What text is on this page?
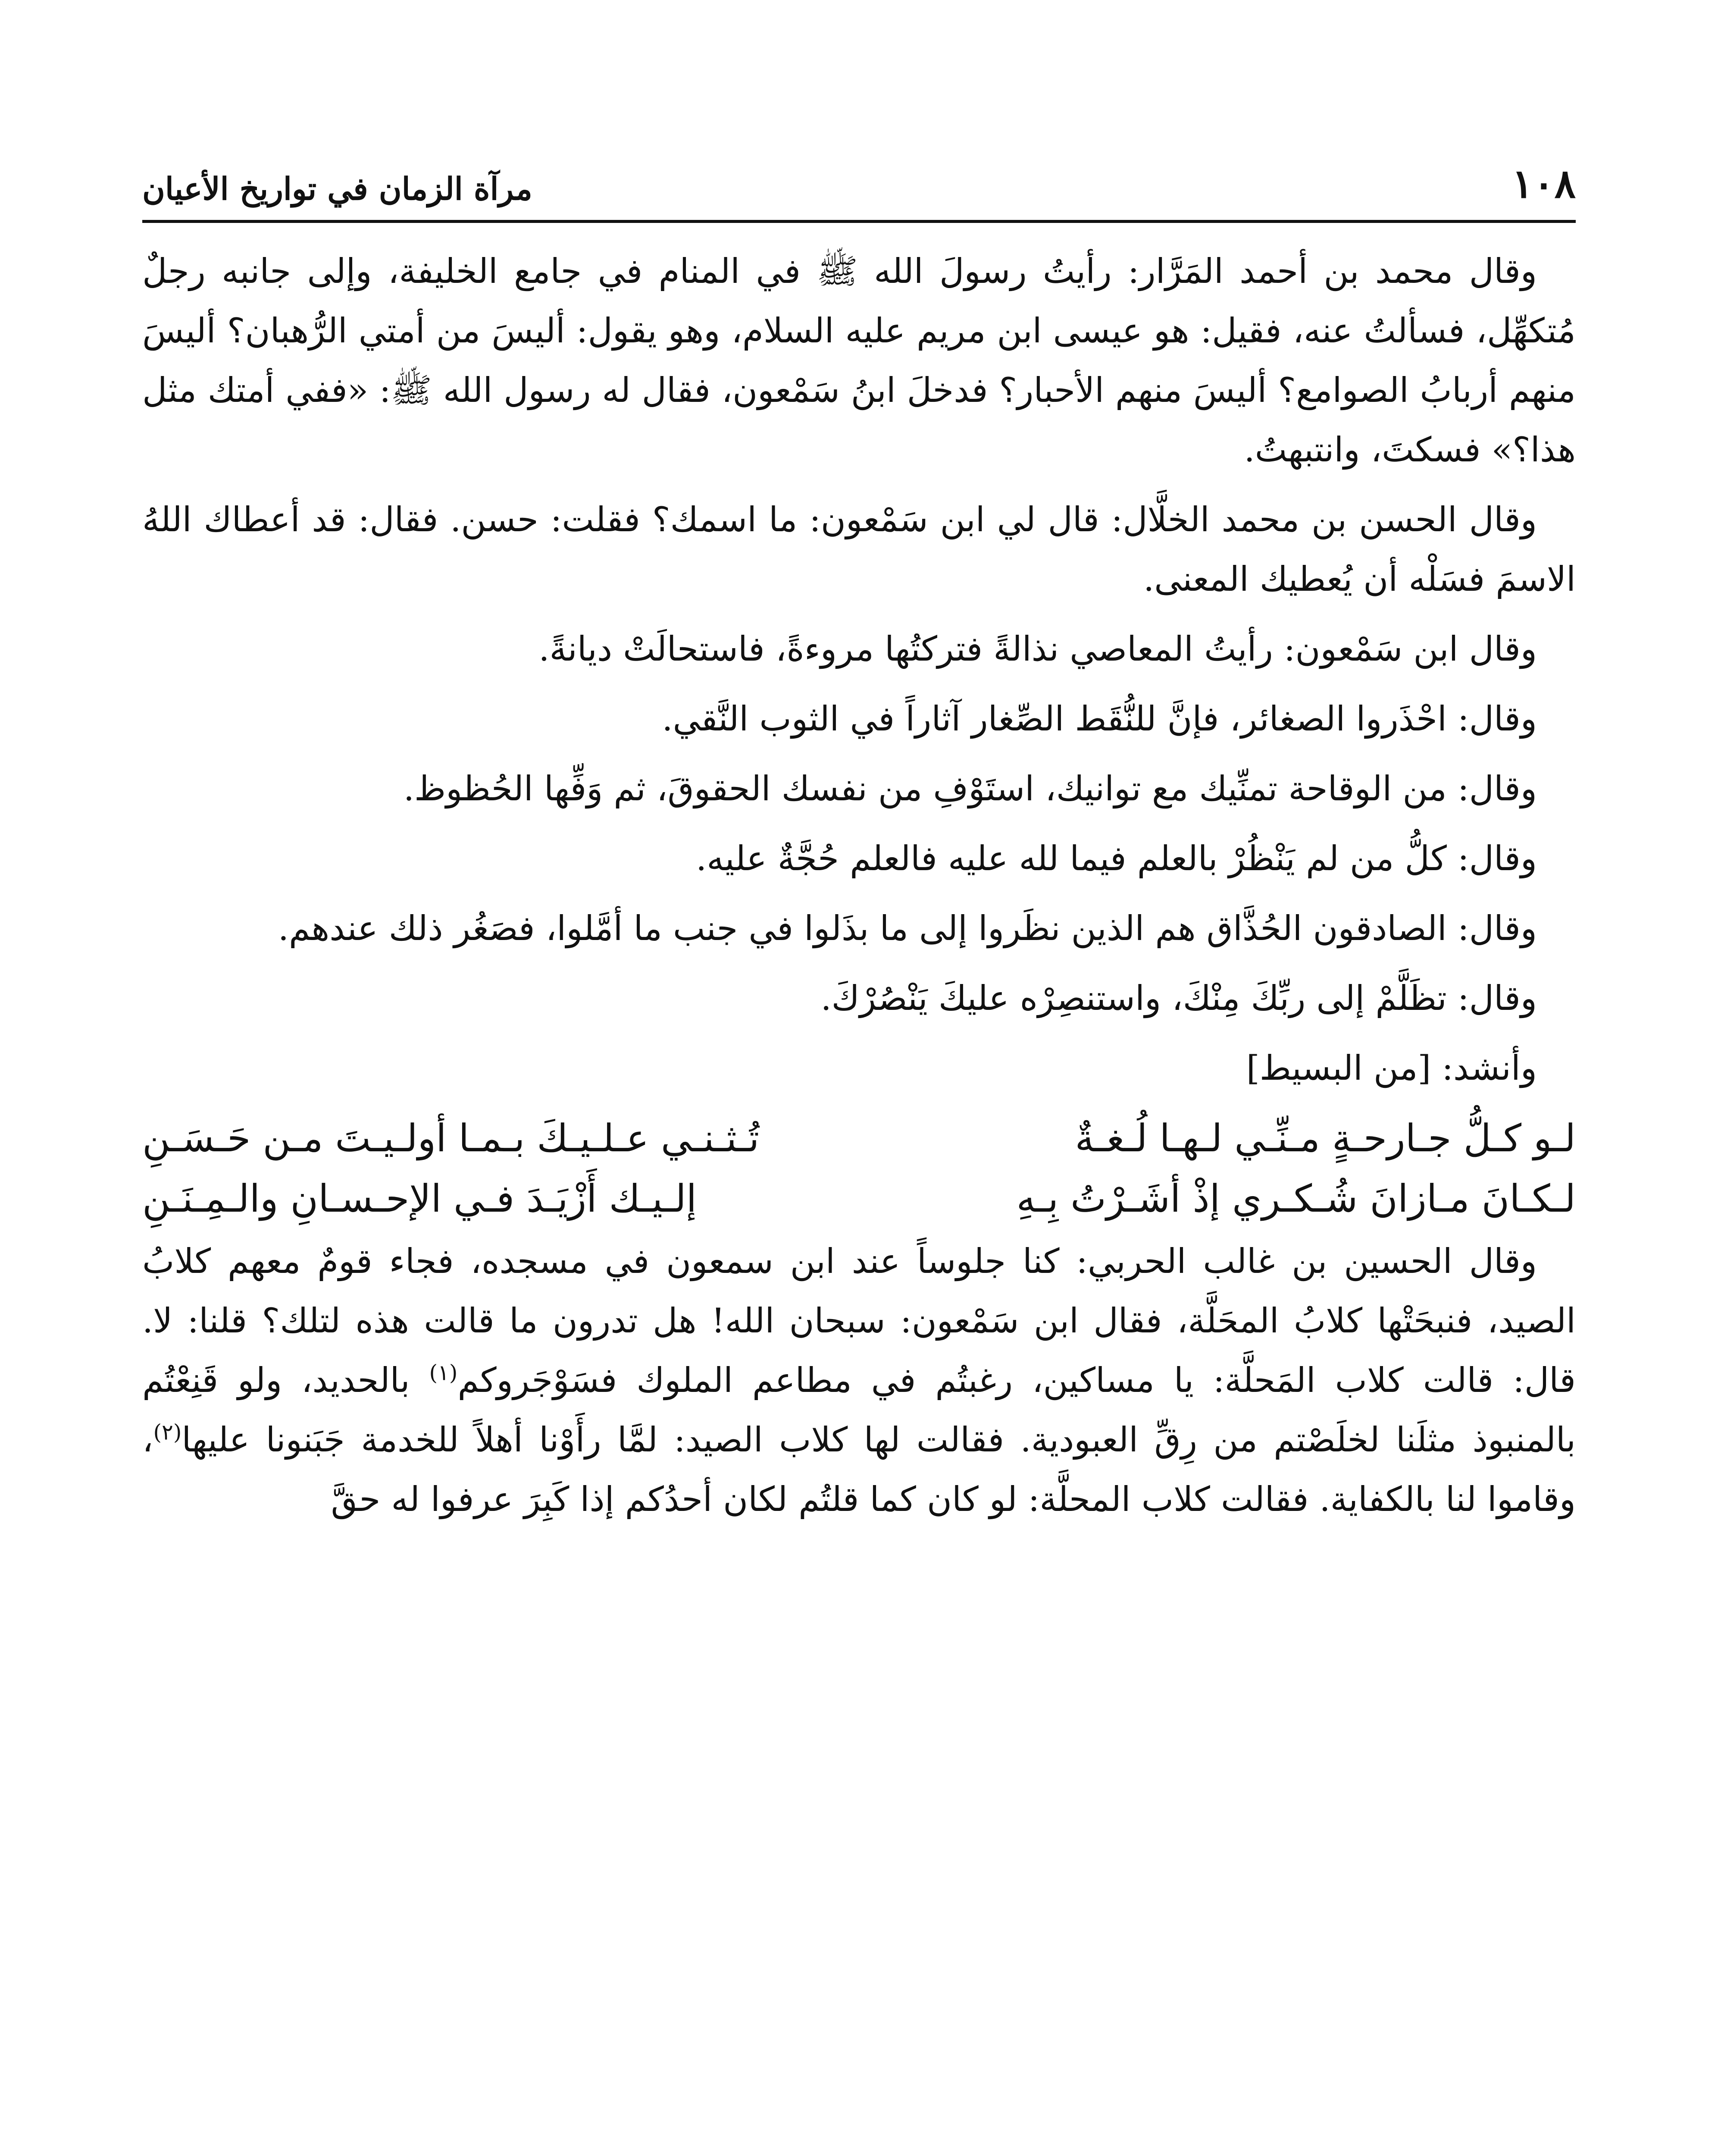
١٠٨
مرآة الزمان في تواريخ الأعيان

وقال محمد بن أحمد المَرَّار: رأيتُ رسولَ الله ﷺ في المنام في جامع الخليفة، وإلى جانبه رجلٌ مُتكهِّل، فسألتُ عنه، فقيل: هو عيسى ابن مريم عليه السلام، وهو يقول: أليسَ من أمتي الرُّهبان؟ أليسَ منهم أربابُ الصوامع؟ أليسَ منهم الأحبار؟ فدخلَ ابنُ سَمْعون، فقال له رسول الله ﷺ: «ففي أمتك مثل هذا؟» فسكتَ، وانتبهتُ.

وقال الحسن بن محمد الخلَّال: قال لي ابن سَمْعون: ما اسمك؟ فقلت: حسن. فقال: قد أعطاك اللهُ الاسمَ فسَلْه أن يُعطيك المعنى.

وقال ابن سَمْعون: رأيتُ المعاصي نذالةً فتركتُها مروءةً، فاستحالَتْ ديانةً.

وقال: احْذَروا الصغائر، فإنَّ للنُّقَط الصِّغار آثاراً في الثوب النَّقي.

وقال: من الوقاحة تمنِّيك مع توانيك، استَوْفِ من نفسك الحقوقَ، ثم وَفِّها الحُظوظ.

وقال: كلُّ من لم يَنْظُرْ بالعلم فيما لله عليه فالعلم حُجَّةٌ عليه.

وقال: الصادقون الحُذَّاق هم الذين نظَروا إلى ما بذَلوا في جنب ما أمَّلوا، فصَغُر ذلك عندهم.

وقال: تظَلَّمْ إلى ربِّكَ مِنْكَ، واستنصِرْه عليكَ يَنْصُرْكَ.

وأنشد: [من البسيط]

لـو كـلُّ جـارحـةٍ مـنِّـي لـهـا لُـغـةٌ
تُـثـنـي عـلـيـكَ بـمـا أولـيـتَ مـن حَـسَـنِ
لـكـانَ مـازانَ شُـكـري إذْ أشَـرْتُ بِـهِ
إلـيـك أَزْيَـدَ فـي الإحـسـانِ والـمِـنَـنِ

وقال الحسين بن غالب الحربي: كنا جلوساً عند ابن سمعون في مسجده، فجاء قومٌ معهم كلابُ الصيد، فنبحَتْها كلابُ المحَلَّة، فقال ابن سَمْعون: سبحان الله! هل تدرون ما قالت هذه لتلك؟ قلنا: لا. قال: قالت كلاب المَحلَّة: يا مساكين، رغبتُم في مطاعم الملوك فسَوْجَروكم$^{(١)}$ بالحديد، ولو قَنِعْتُم بالمنبوذ مثلَنا لخلَصْتم من رِقِّ العبودية. فقالت لها كلاب الصيد: لمَّا رأَوْنا أهلاً للخدمة جَبَنونا عليها$^{(٢)}$، وقاموا لنا بالكفاية. فقالت كلاب المحلَّة: لو كان كما قلتُم لكان أحدُكم إذا كَبِرَ عرفوا له حقَّ
